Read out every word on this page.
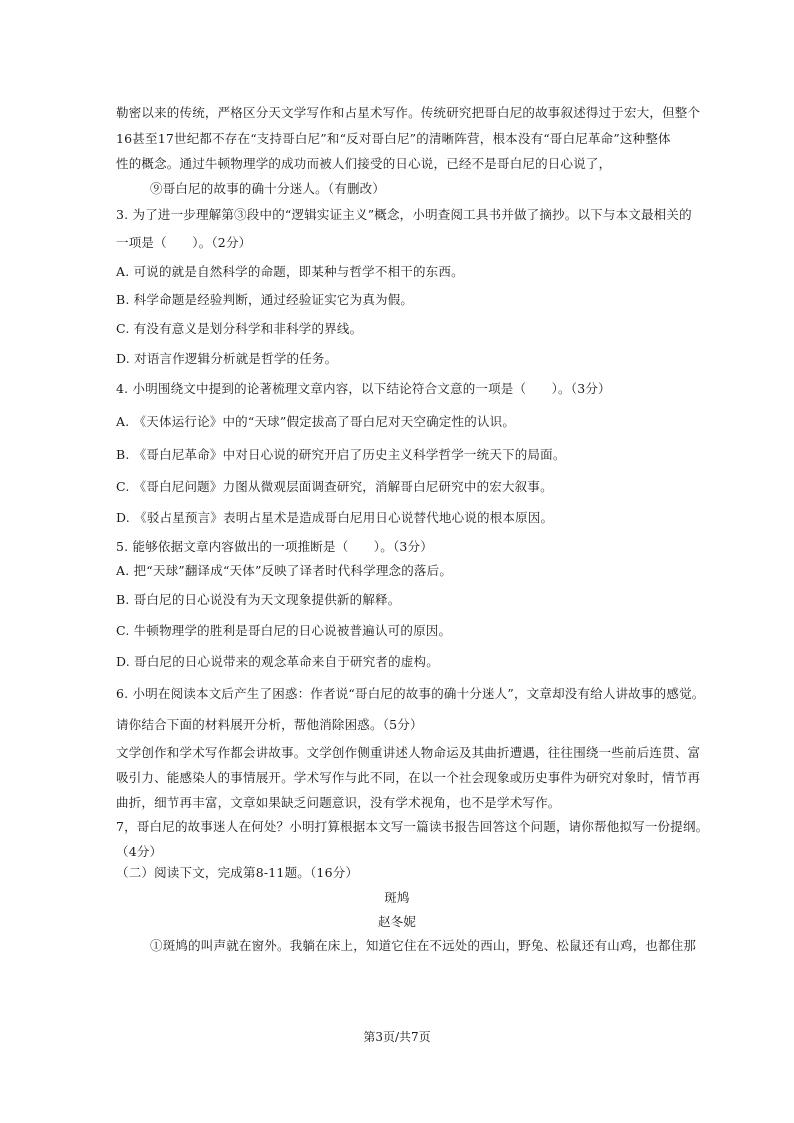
勒密以来的传统，严格区分天文学写作和占星术写作。传统研究把哥白尼的故事叙述得过于宏大，但整个
16甚至17世纪都不存在“支持哥白尼”和“反对哥白尼”的清晰阵营，根本没有“哥白尼革命”这种整体
性的概念。通过牛顿物理学的成功而被人们接受的日心说，已经不是哥白尼的日心说了，
⑨哥白尼的故事的确十分迷人。（有删改）
3. 为了进一步理解第③段中的“逻辑实证主义”概念，小明查阅工具书并做了摘抄。以下与本文最相关的
一项是（　　）。（2分）
A. 可说的就是自然科学的命题，即某种与哲学不相干的东西。
B. 科学命题是经验判断，通过经验证实它为真为假。
C. 有没有意义是划分科学和非科学的界线。
D. 对语言作逻辑分析就是哲学的任务。
4. 小明围绕文中提到的论著梳理文章内容，以下结论符合文意的一项是（　　）。（3分）
A. 《天体运行论》中的“天球”假定拔高了哥白尼对天空确定性的认识。
B. 《哥白尼革命》中对日心说的研究开启了历史主义科学哲学一统天下的局面。
C. 《哥白尼问题》力图从微观层面调查研究，消解哥白尼研究中的宏大叙事。
D. 《驳占星预言》表明占星术是造成哥白尼用日心说替代地心说的根本原因。
5. 能够依据文章内容做出的一项推断是（　　）。（3分）
A. 把“天球”翻译成“天体”反映了译者时代科学理念的落后。
B. 哥白尼的日心说没有为天文现象提供新的解释。
C. 牛顿物理学的胜利是哥白尼的日心说被普遍认可的原因。
D. 哥白尼的日心说带来的观念革命来自于研究者的虚构。
6. 小明在阅读本文后产生了困惑：作者说“哥白尼的故事的确十分迷人”，文章却没有给人讲故事的感觉。
请你结合下面的材料展开分析，帮他消除困惑。（5分）
文学创作和学术写作都会讲故事。文学创作侧重讲述人物命运及其曲折遭遇，往往围绕一些前后连贯、富
吸引力、能感染人的事情展开。学术写作与此不同，在以一个社会现象或历史事件为研究对象时，情节再
曲折，细节再丰富，文章如果缺乏问题意识，没有学术视角，也不是学术写作。
7，哥白尼的故事迷人在何处？小明打算根据本文写一篇读书报告回答这个问题，请你帮他拟写一份提纲。
（4分）
（二）阅读下文，完成第8-11题。（16分）
斑鸠
赵冬妮
①斑鸠的叫声就在窗外。我躺在床上，知道它住在不远处的西山，野兔、松鼠还有山鸡，也都住那
第3页/共7页
